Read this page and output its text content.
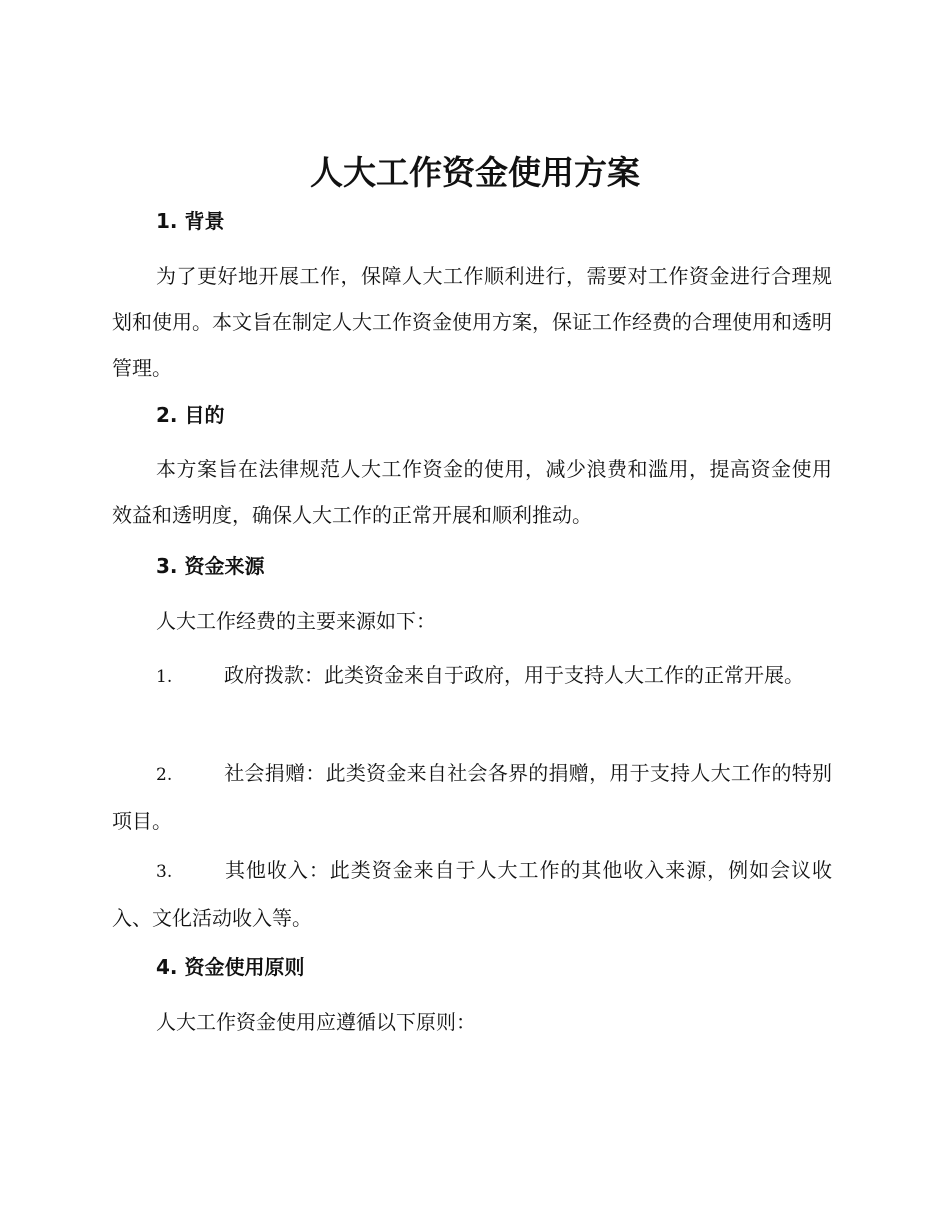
人大工作资金使用方案
1. 背景

为了更好地开展工作，保障人大工作顺利进行，需要对工作资金进行合理规划和使用。本文旨在制定人大工作资金使用方案，保证工作经费的合理使用和透明管理。

2. 目的

本方案旨在法律规范人大工作资金的使用，减少浪费和滥用，提高资金使用效益和透明度，确保人大工作的正常开展和顺利推动。

3. 资金来源

人大工作经费的主要来源如下：

1.	政府拨款：此类资金来自于政府，用于支持人大工作的正常开展。

2.	社会捐赠：此类资金来自社会各界的捐赠，用于支持人大工作的特别项目。

3.	其他收入：此类资金来自于人大工作的其他收入来源，例如会议收入、文化活动收入等。

4. 资金使用原则

人大工作资金使用应遵循以下原则：
